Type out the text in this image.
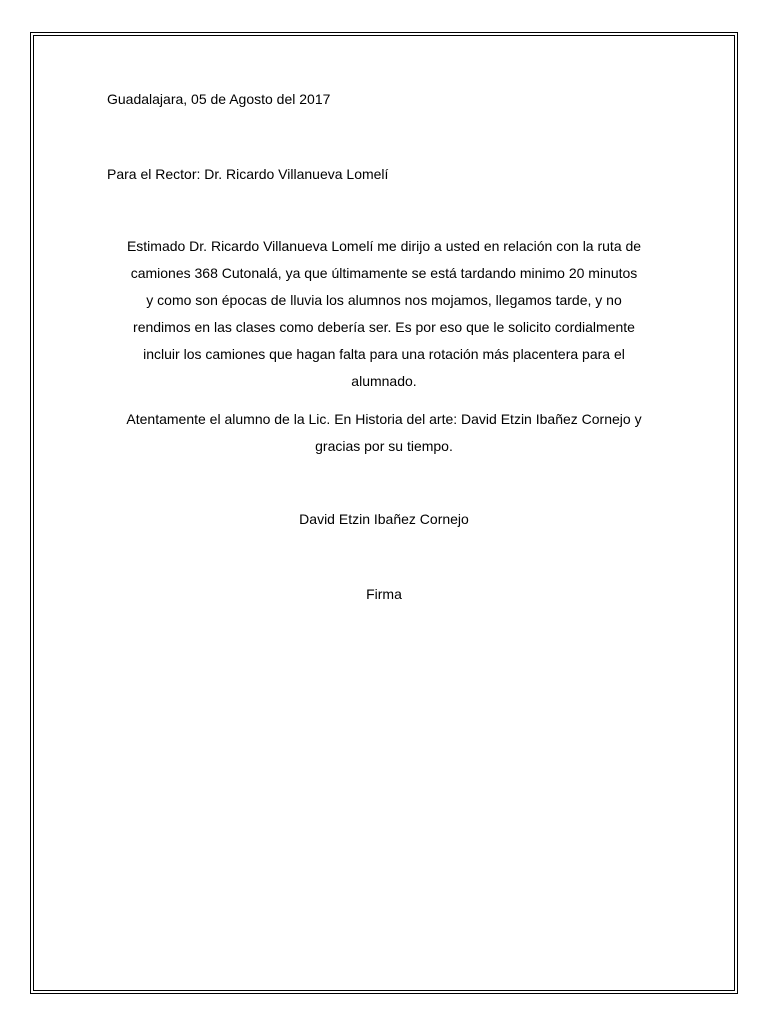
Guadalajara, 05 de Agosto del 2017

Para el Rector: Dr. Ricardo Villanueva Lomelí

Estimado Dr. Ricardo Villanueva Lomelí me dirijo a usted en relación con la ruta de
camiones 368 Cutonalá, ya que últimamente se está tardando minimo 20 minutos
y como son épocas de lluvia los alumnos nos mojamos, llegamos tarde, y no
rendimos en las clases como debería ser. Es por eso que le solicito cordialmente
incluir los camiones que hagan falta para una rotación más placentera para el
alumnado.
Atentamente el alumno de la Lic. En Historia del arte: David Etzin Ibañez Cornejo y
gracias por su tiempo.

David Etzin Ibañez Cornejo

Firma
